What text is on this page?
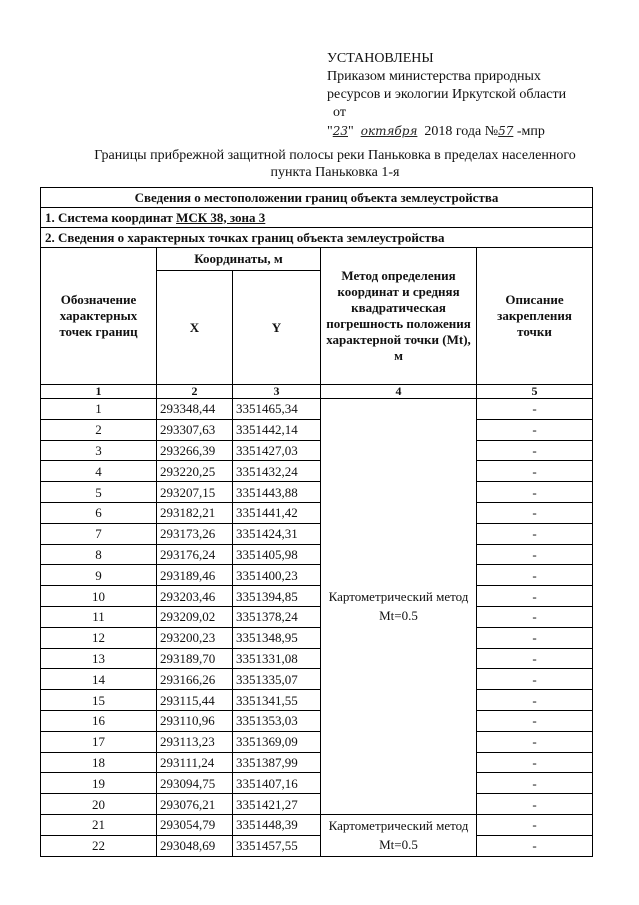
УСТАНОВЛЕНЫ
Приказом министерства природных
ресурсов и экологии Иркутской области
от
"23"  октября 2018 года №57 -мпр
Границы прибрежной защитной полосы реки Паньковка в пределах населенного
пункта Паньковка 1-я
Сведения о местоположении границ объекта землеустройства				
1. Система координат МСК 38, зона 3				
2. Сведения о характерных точках границ объекта землеустройства				
Обозначение характерных точек границ	Координаты, м		Метод определения координат и средняя квадратическая погрешность положения характерной точки (Mt), м	Описание закрепления точки
	X	Y		
1	2	3	4	5
1	293348,44	3351465,34	Картометрический метод Mt=0.5	-
2	293307,63	3351442,14		-
3	293266,39	3351427,03		-
4	293220,25	3351432,24		-
5	293207,15	3351443,88		-
6	293182,21	3351441,42		-
7	293173,26	3351424,31		-
8	293176,24	3351405,98		-
9	293189,46	3351400,23		-
10	293203,46	3351394,85		-
11	293209,02	3351378,24		-
12	293200,23	3351348,95		-
13	293189,70	3351331,08		-
14	293166,26	3351335,07		-
15	293115,44	3351341,55		-
16	293110,96	3351353,03		-
17	293113,23	3351369,09		-
18	293111,24	3351387,99		-
19	293094,75	3351407,16		-
20	293076,21	3351421,27		-
21	293054,79	3351448,39	Картометрический метод Mt=0.5	-
22	293048,69	3351457,55		-
